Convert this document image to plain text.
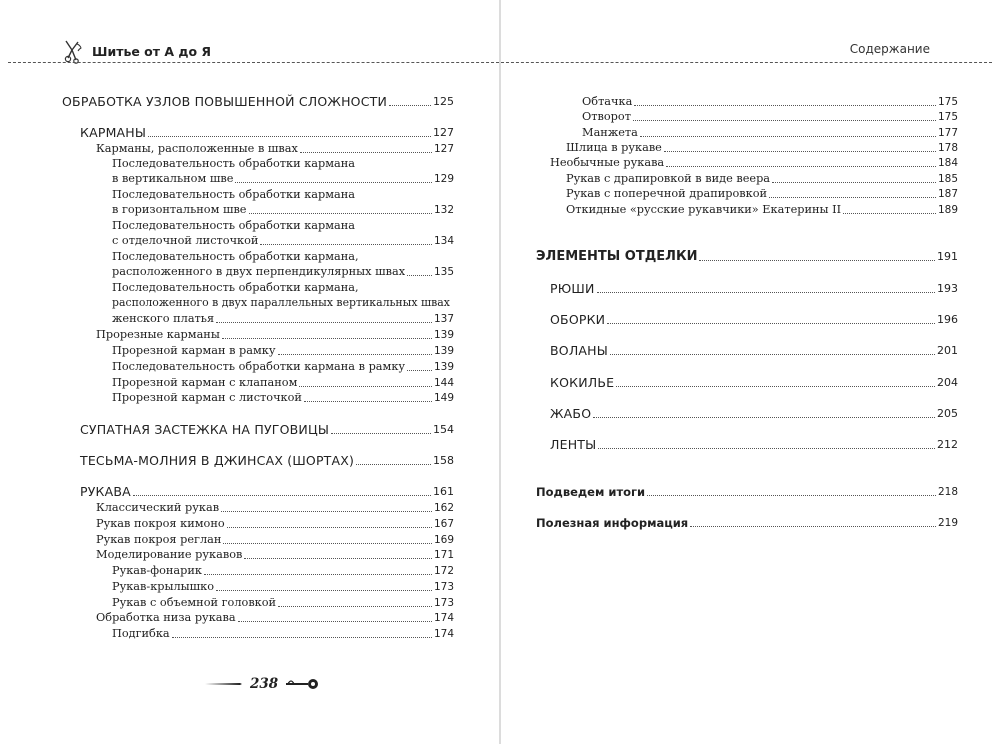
Шитье от А до Я
ОБРАБОТКА УЗЛОВ ПОВЫШЕННОЙ СЛОЖНОСТИ	125
КАРМАНЫ	127
Карманы, расположенные в швах	127
Последовательность обработки кармана
в вертикальном шве	129
Последовательность обработки кармана
в горизонтальном шве	132
Последовательность обработки кармана
с отделочной листочкой	134
Последовательность обработки кармана,
расположенного в двух перпендикулярных швах	135
Последовательность обработки кармана,
расположенного в двух параллельных вертикальных швах
женского платья	137
Прорезные карманы	139
Прорезной карман в рамку	139
Последовательность обработки кармана в рамку	139
Прорезной карман с клапаном	144
Прорезной карман с листочкой	149
СУПАТНАЯ ЗАСТЕЖКА НА ПУГОВИЦЫ	154
ТЕСЬМА-МОЛНИЯ В ДЖИНСАХ (ШОРТАХ)	158
РУКАВА	161
Классический рукав	162
Рукав покроя кимоно	167
Рукав покроя реглан	169
Моделирование рукавов	171
Рукав-фонарик	172
Рукав-крылышко	173
Рукав с объемной головкой	173
Обработка низа рукава	174
Подгибка	174
238
Содержание
Обтачка	175
Отворот	175
Манжета	177
Шлица в рукаве	178
Необычные рукава	184
Рукав с драпировкой в виде веера	185
Рукав с поперечной драпировкой	187
Откидные «русские рукавчики» Екатерины II	189
ЭЛЕМЕНТЫ ОТДЕЛКИ	191
РЮШИ	193
ОБОРКИ	196
ВОЛАНЫ	201
КОКИЛЬЕ	204
ЖАБО	205
ЛЕНТЫ	212
Подведем итоги	218
Полезная информация	219
